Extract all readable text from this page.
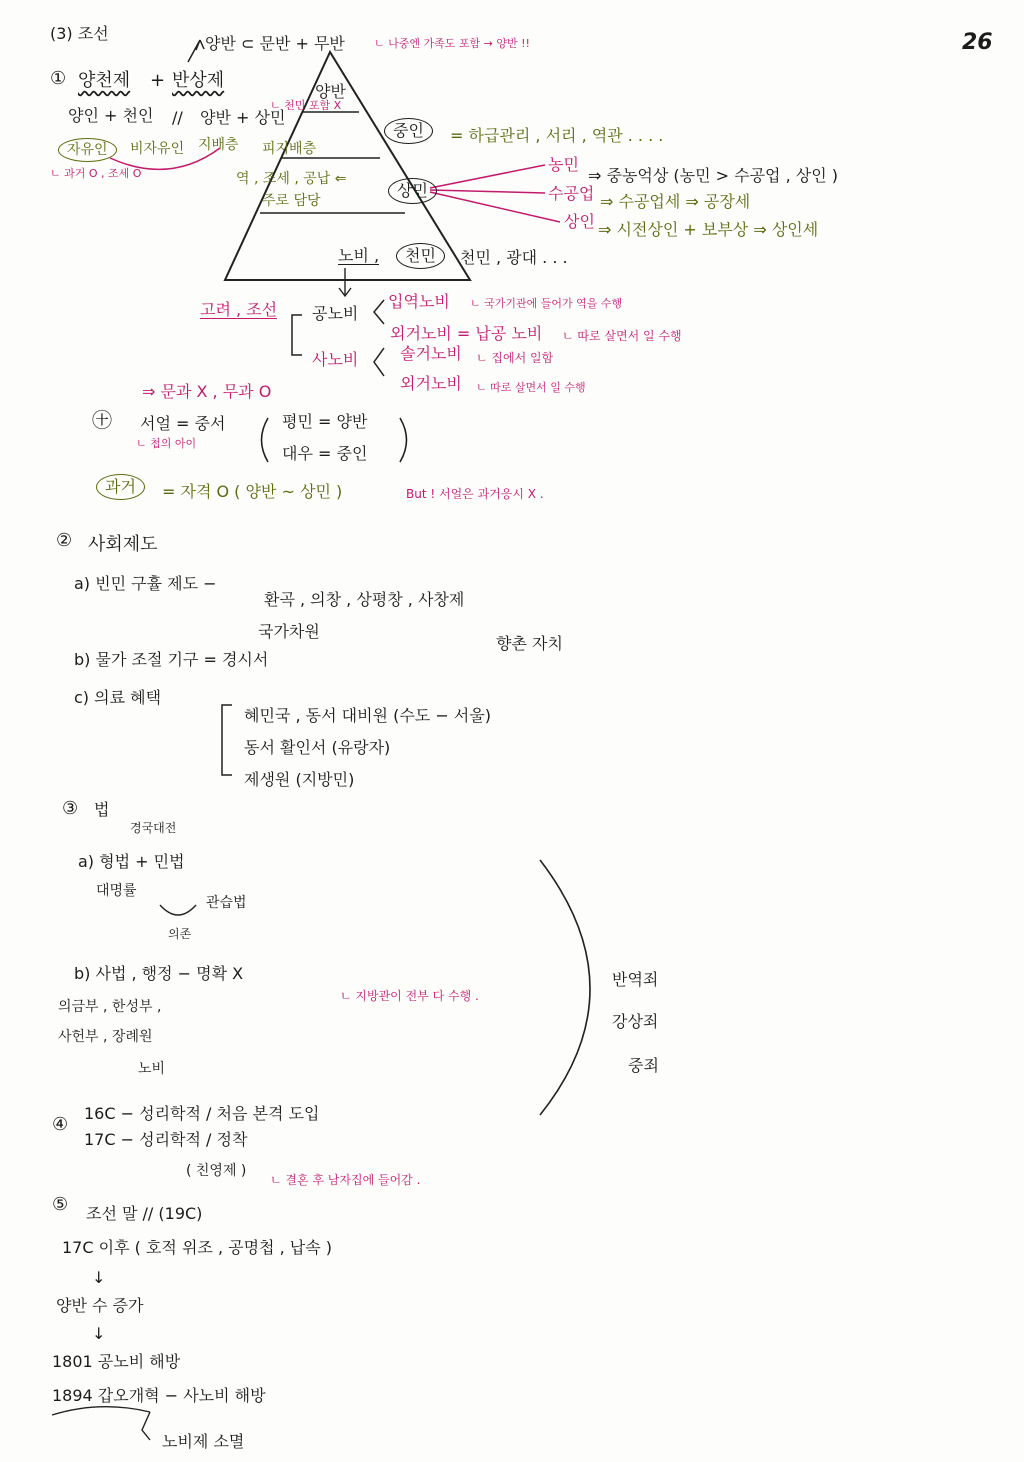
26
(3) 조선
양반 ⊂ 문반 + 무반	ㄴ 나중엔 가족도 포함 → 양반 !!
양반
중인	= 하급관리 , 서리 , 역관 . . . .
상민
역 , 조세 , 공납 ⇐
주로 담당
노비 ,	천민	천민 , 광대 . . .
농민
⇒ 중농억상 (농민 > 수공업 , 상인 )
수공업 ⇒ 수공업세 ⇒ 공장세
상인 ⇒ 시전상인 + 보부상 ⇒ 상인세
① 양천제 + 반상제
양인 + 천인 // 양반 + 상민
ㄴ 천민 포함 X
자유인	비자유인 지배층 피지배층
ㄴ 과거 O , 조세 O
고려 , 조선 공노비
입역노비 ㄴ 국가기관에 들어가 역을 수행
외거노비 = 납공 노비 ㄴ 따로 살면서 일 수행
사노비	솔거노비 ㄴ 집에서 일함
외거노비 ㄴ 따로 살면서 일 수행
⇒ 문과 X , 무과 O
㊉ 서얼 = 중서
ㄴ 첩의 아이
평민 = 양반
대우 = 중인
과거	= 자격 O ( 양반 ~ 상민 )	But ! 서얼은 과거응시 X .
② 사회제도
a) 빈민 구휼 제도 −
환곡 , 의창 , 상평창 , 사창제
국가차원
향촌 자치
b) 물가 조절 기구 = 경시서
c) 의료 혜택
혜민국 , 동서 대비원 (수도 − 서울)
동서 활인서 (유랑자)
제생원 (지방민)
③ 법
경국대전
a) 형법 + 민법
대명률
관습법
의존
b) 사법 , 행정 − 명확 X
ㄴ 지방관이 전부 다 수행 .
의금부 , 한성부 ,
사헌부 , 장례원
노비
반역죄
강상죄
중죄
④
16C − 성리학적 / 처음 본격 도입
17C − 성리학적 / 정착
( 친영제 )
ㄴ 결혼 후 남자집에 들어감 .
⑤ 조선 말 // (19C)
17C 이후 ( 호적 위조 , 공명첩 , 납속 )
↓
양반 수 증가
↓
1801 공노비 해방
1894 갑오개혁 − 사노비 해방
노비제 소멸
